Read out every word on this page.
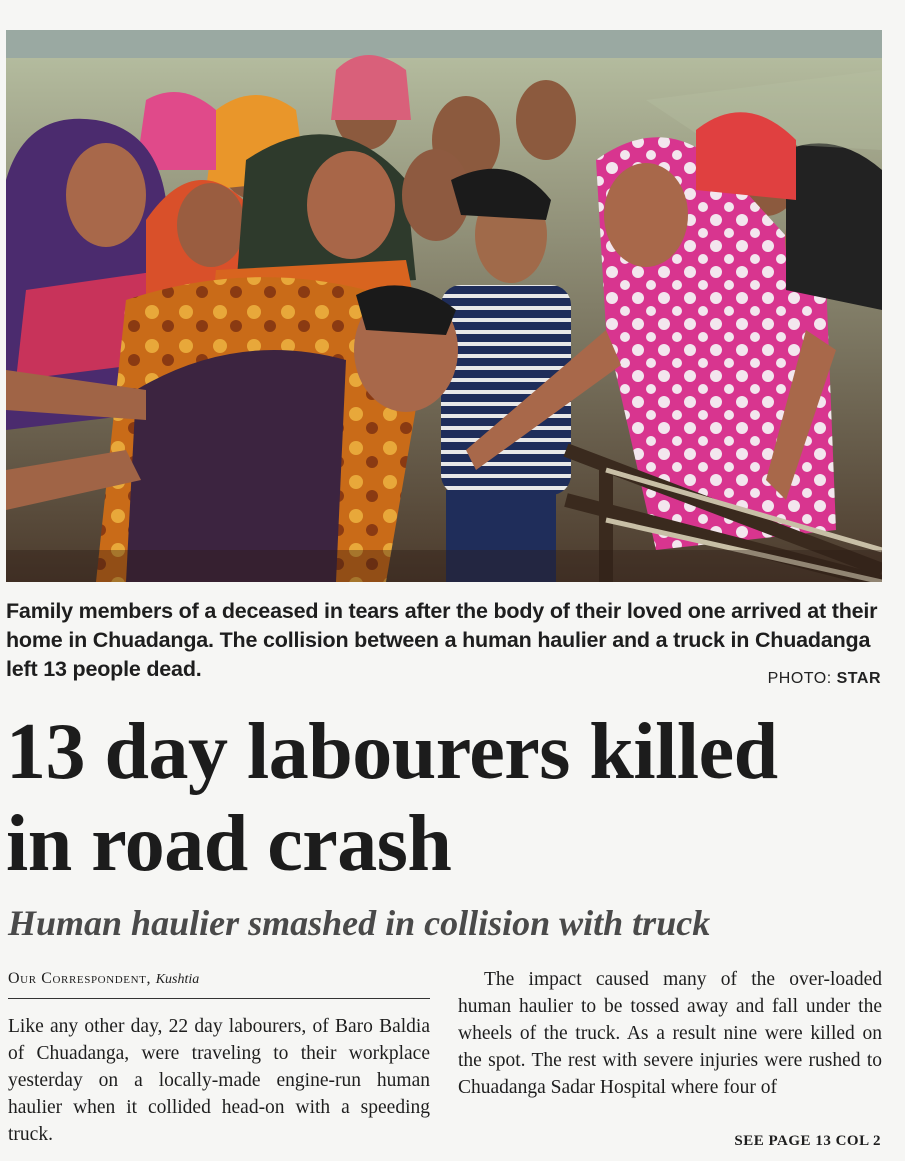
Family members of a deceased in tears after the body of their loved one arrived at their home in Chuadanga. The collision between a human haulier and a truck in Chuadanga left 13 people dead.	PHOTO: STAR
13 day labourers killed
in road crash
Human haulier smashed in collision with truck
Our Correspondent, Kushtia

Like any other day, 22 day labourers, of Baro Baldia of Chuadanga, were traveling to their workplace yesterday on a locally-made engine-run human haulier when it collided head-on with a speeding truck.

The impact caused many of the over-loaded human haulier to be tossed away and fall under the wheels of the truck. As a result nine were killed on the spot. The rest with severe injuries were rushed to Chuadanga Sadar Hospital where four of

SEE PAGE 13 COL 2
